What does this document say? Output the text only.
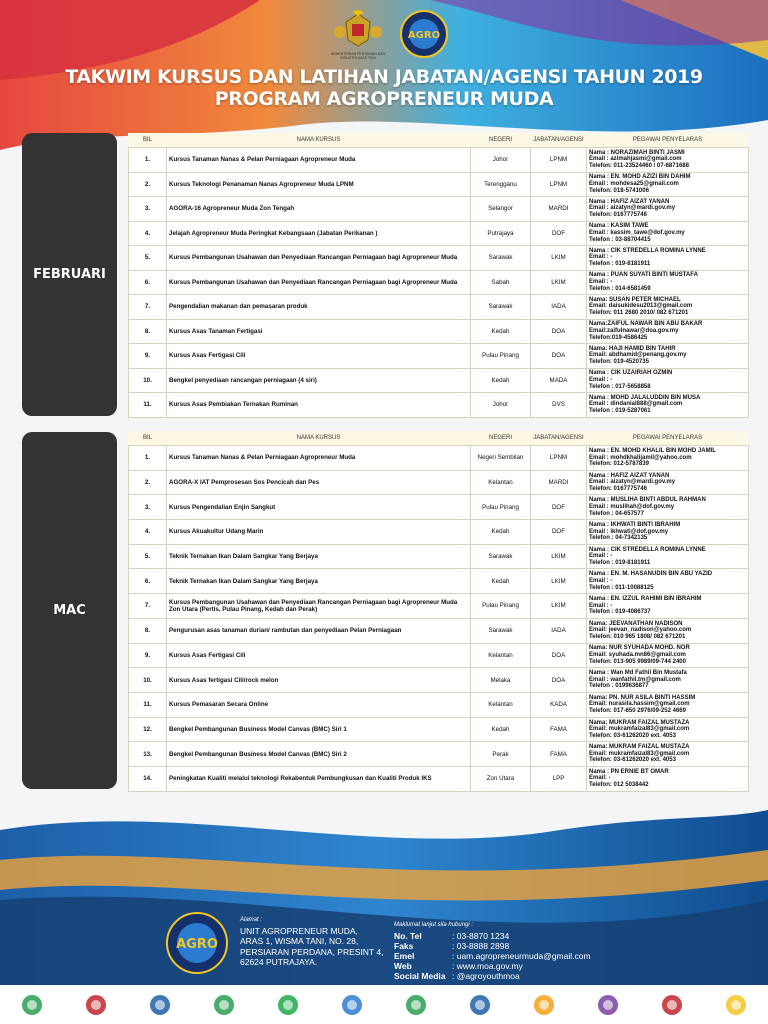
KEMENTERIAN PERTANIAN DAN INDUSTRI ASAS TANI
AGRO
TAKWIM KURSUS DAN LATIHAN JABATAN/AGENSI TAHUN 2019
PROGRAM AGROPRENEUR MUDA
FEBRUARI
BIL	NAMA KURSUS	NEGERI	JABATAN/AGENSI	PEGAWAI PENYELARAS
1.	Kursus Tanaman Nanas & Pelan Perniagaan Agropreneur Muda	Johor	LPNM	Nama : NORAZIMAH BINTI JASMI
Email : azimahjasmi@gmail.com
Telefon: 011-23524460 / 07-6871688
2.	Kursus Teknologi Penanaman Nanas Agropreneur Muda LPNM	Terengganu	LPNM	Nama : EN. MOHD AZIZI BIN DAHIM
Email : mohdesa25@gmail.com
Telefon: 018-5741006
3.	AGORA-16 Agropreneur Muda Zon Tengah	Selangor	MARDI	Nama : HAFIZ AIZAT YANAN
Email : aizatyn@mardi.gov.my
Telefon: 0167775746
4.	Jelajah Agropreneur Muda Peringkat Kebangsaan (Jabatan Perikanan )	Putrajaya	DOF	Nama : KASIM TAWE
Email : kassim_tawe@dof.gov.my
Telefon : 03-88704415
5.	Kursus Pembangunan Usahawan dan Penyediaan Rancangan Perniagaan bagi Agropreneur Muda	Sarawak	LKIM	Nama : CIK STREDELLA ROMINA LYNNE
Email : -
Telefon : 019-8181911
6.	Kursus Pembangunan Usahawan dan Penyediaan Rancangan Perniagaan bagi Agropreneur Muda	Sabah	LKIM	Nama : PUAN SUYATI BINTI MUSTAFA
Email : -
Telefon : 014-6581459
7.	Pengendalian makanan dan pemasaran produk	Sarawak	IADA	Nama: SUSAN PETER MICHAEL
Email: daisukidesu2013@gmail.com
Telefon: 011 2680 2010/ 082 671201
8.	Kursus Asas Tanaman Fertigasi	Kedah	DOA	Nama:ZAIFUL NAWAR BIN ABU BAKAR
Email:zaifulnawar@doa.gov.my
Telefon:019-4586425
9.	Kursus Asas Fertigasi Cili	Pulau Pinang	DOA	Nama: HAJI HAMID BIN TAHIR
Email: abdhamid@penang.gov.my
Telefon: 019-4520735
10.	Bengkel penyediaan rancangan perniagaan (4 siri)	Kedah	MADA	Nama : CIK UZAIRIAH OZMIN
Email : -
Telefon : 017-5658858
11.	Kursus Asas Pembiakan Ternakan Ruminan	Johor	DVS	Nama : MOHD JALALUDDIN BIN MUSA
Email : dindanial888@gmail.com
Telefon : 019-5287061
MAC
BIL	NAMA KURSUS	NEGERI	JABATAN/AGENSI	PEGAWAI PENYELARAS
1.	Kursus Tanaman Nanas & Pelan Perniagaan Agropreneur Muda	Negeri Sembilan	LPNM	Nama : EN. MOHD KHALIL BIN MOHD JAMIL
Email : mohdkhalijamil@yahoo.com
Telefon: 012-5787839
2.	AGORA-X IAT Pemprosesan Sos Pencicah dan Pes	Kelantan	MARDI	Nama : HAFIZ AIZAT YANAN
Email : aizatyn@mardi.gov.my
Telefon: 0167775746
3.	Kursus Pengendalian Enjin Sangkut	Pulau Pinang	DOF	Nama : MUSLIHA BINTI ABDUL RAHMAN
Email : muslihah@dof.gov.my
Telefon : 04-657577
4.	Kursus Akuakultur Udang Marin	Kedah	DOF	Nama : IKHWATI BINTI IBRAHIM
Email : ikhwati@dof.gov.my
Telefon : 04-7342135
5.	Teknik Ternakan Ikan Dalam Sangkar Yang Berjaya	Sarawak	LKIM	Nama : CIK STREDELLA ROMINA LYNNE
Email : -
Telefon : 019-8181911
6.	Teknik Ternakan Ikan Dalam Sangkar Yang Berjaya	Kedah	LKIM	Nama : EN. M. HASANUDIN BIN ABU YAZID
Email : -
Telefon : 011-10088125
7.	Kursus Pembangunan Usahawan dan Penyediaan Rancangan Perniagaan bagi Agropreneur Muda Zon Utara (Pertis, Pulau Pinang, Kedah dan Perak)	Pulau Pinang	LKIM	Nama : EN. IZZUL RAHIMI BIN IBRAHIM
Email : -
Telefon : 019-4086737
8.	Pengurusan asas tanaman durian/ rambutan dan penyediaan Pelan Perniagaan	Sarawak	IADA	Nama: JEEVANATHAN NADISON
Email: jeevan_nadison@yahoo.com
Telefon: 010 965 1808/ 082 671201
9.	Kursus Asas Fertigasi Cili	Kelantan	DOA	Nama: NUR SYUHADA MOHD. NOR
Email: syuhada.mn86@gmail.com
Telefon: 013-905 9989/09-744 2400
10.	Kursus Asas fertigasi Cili/rock melon	Melaka	DOA	Nama : Wan Md Fathil Bin Mustafa
Email : wanfathil.tm@gmail.com
Telefon : 0199636877
11.	Kursus Pemasaran Secara Online	Kelantan	KADA	Nama: PN. NUR ASILA BINTI HASSIM
Email: nurasila.hassim@gmail.com
Telefon: 017-650 2976/09-252 4669
12.	Bengkel Pembangunan Business Model Canvas (BMC) Siri 1	Kedah	FAMA	Nama: MUKRAM FAIZAL MUSTAZA
Email: mukramfaizal83@gmail.com
Telefon: 03-61262020 ext. 4053
13.	Bengkel Pembangunan Business Model Canvas (BMC) Siri 2	Perak	FAMA	Nama: MUKRAM FAIZAL MUSTAZA
Email: mukramfaizal83@gmail.com
Telefon: 03-61262020 ext. 4053
14.	Peningkatan Kualiti melalui teknologi Rekabentuk Pembungkusan dan Kualiti Produk IKS	Zon Utara	LPP	Nama : PN ERNIE BT OMAR
Email: -
Telefon: 012 5038442
AGRO
Alamat :
UNIT AGROPRENEUR MUDA,
ARAS 1, WISMA TANI, NO. 28,
PERSIARAN PERDANA, PRESINT 4,
62624 PUTRAJAYA.
Maklumat lanjut sila hubungi :
No. Tel	: 03-8870 1234
Faks	: 03-8888 2898
Emel	: uam.agropreneurmuda@gmail.com
Web	: www.moa.gov.my
Social Media : @agroyouthmoa
